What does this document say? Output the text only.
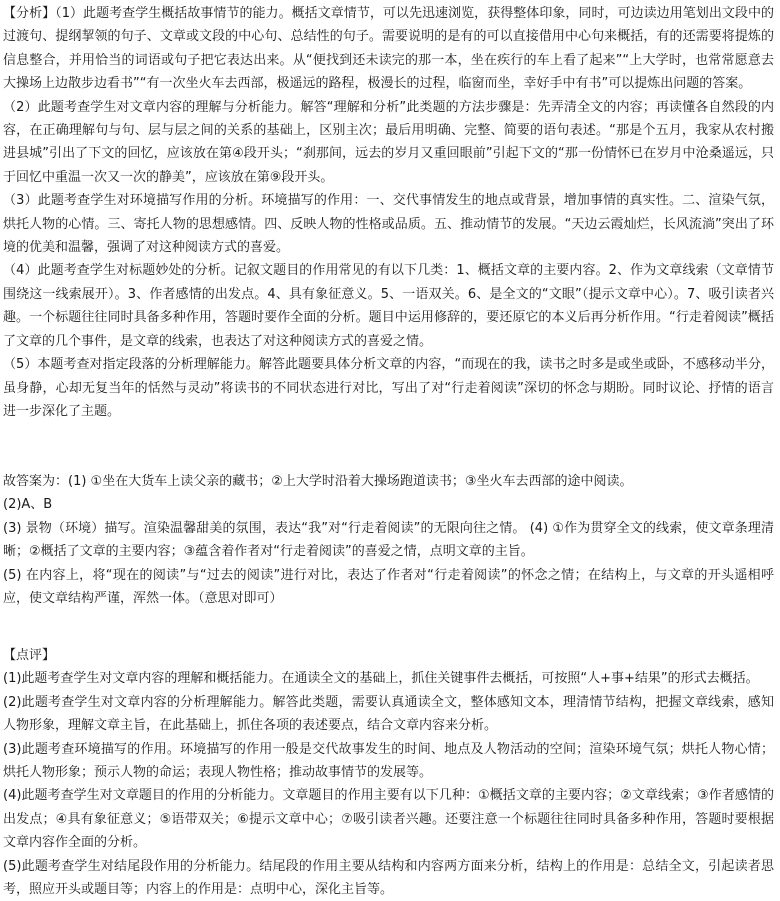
【分析】（1）此题考查学生概括故事情节的能力。概括文章情节，可以先迅速浏览，获得整体印象，同时，可边读边用笔划出文段中的过渡句、提纲挈领的句子、文章或文段的中心句、总结性的句子。需要说明的是有的可以直接借用中心句来概括，有的还需要将提炼的信息整合，并用恰当的词语或句子把它表达出来。从“便找到还未读完的那一本，坐在疾行的车上看了起来”“上大学时，也常常愿意去大操场上边散步边看书”“有一次坐火车去西部，极遥远的路程，极漫长的过程，临窗而坐，幸好手中有书”可以提炼出问题的答案。

（2）此题考查学生对文章内容的理解与分析能力。解答“理解和分析”此类题的方法步骤是：先弄清全文的内容；再读懂各自然段的内容，在正确理解句与句、层与层之间的关系的基础上，区别主次；最后用明确、完整、简要的语句表述。“那是个五月，我家从农村搬进县城”引出了下文的回忆，应该放在第④段开头；“刹那间，远去的岁月又重回眼前”引起下文的“那一份情怀已在岁月中沧桑遥远，只于回忆中重温一次又一次的静美”，应该放在第⑨段开头。

（3）此题考查学生对环境描写作用的分析。环境描写的作用：一、交代事情发生的地点或背景，增加事情的真实性。二、渲染气氛，烘托人物的心情。三、寄托人物的思想感情。四、反映人物的性格或品质。五、推动情节的发展。“天边云霞灿烂，长风流淌”突出了环境的优美和温馨，强调了对这种阅读方式的喜爱。

（4）此题考查学生对标题妙处的分析。记叙文题目的作用常见的有以下几类：1、概括文章的主要内容。2、作为文章线索（文章情节围绕这一线索展开）。3、作者感情的出发点。4、具有象征意义。5、一语双关。6、是全文的“文眼”（提示文章中心）。7、吸引读者兴趣。一个标题往往同时具备多种作用，答题时要作全面的分析。题目中运用修辞的，要还原它的本义后再分析作用。“行走着阅读”概括了文章的几个事件，是文章的线索，也表达了对这种阅读方式的喜爱之情。

（5）本题考查对指定段落的分析理解能力。解答此题要具体分析文章的内容，“而现在的我，读书之时多是或坐或卧，不感移动半分，虽身静，心却无复当年的恬然与灵动”将读书的不同状态进行对比，写出了对“行走着阅读”深切的怀念与期盼。同时议论、抒情的语言进一步深化了主题。

故答案为：(1) ①坐在大货车上读父亲的藏书；②上大学时沿着大操场跑道读书；③坐火车去西部的途中阅读。

(2)A、B

(3) 景物（环境）描写。渲染温馨甜美的氛围，表达“我”对“行走着阅读”的无限向往之情。 (4) ①作为贯穿全文的线索，使文章条理清晰；②概括了文章的主要内容；③蕴含着作者对“行走着阅读”的喜爱之情，点明文章的主旨。

(5) 在内容上，将“现在的阅读”与“过去的阅读”进行对比，表达了作者对“行走着阅读”的怀念之情；在结构上，与文章的开头遥相呼应，使文章结构严谨，浑然一体。（意思对即可）

【点评】

(1)此题考查学生对文章内容的理解和概括能力。在通读全文的基础上，抓住关键事件去概括，可按照“人+事+结果”的形式去概括。

(2)此题考查学生对文章内容的分析理解能力。解答此类题，需要认真通读全文，整体感知文本，理清情节结构，把握文章线索，感知人物形象，理解文章主旨，在此基础上，抓住各项的表述要点，结合文章内容来分析。

(3)此题考查环境描写的作用。环境描写的作用一般是交代故事发生的时间、地点及人物活动的空间；渲染环境气氛；烘托人物心情；烘托人物形象；预示人物的命运；表现人物性格；推动故事情节的发展等。

(4)此题考查学生对文章题目的作用的分析能力。文章题目的作用主要有以下几种：①概括文章的主要内容；②文章线索；③作者感情的出发点；④具有象征意义；⑤语带双关；⑥提示文章中心；⑦吸引读者兴趣。还要注意一个标题往往同时具备多种作用，答题时要根据文章内容作全面的分析。

(5)此题考查学生对结尾段作用的分析能力。结尾段的作用主要从结构和内容两方面来分析，结构上的作用是：总结全文，引起读者思考，照应开头或题目等；内容上的作用是：点明中心，深化主旨等。
